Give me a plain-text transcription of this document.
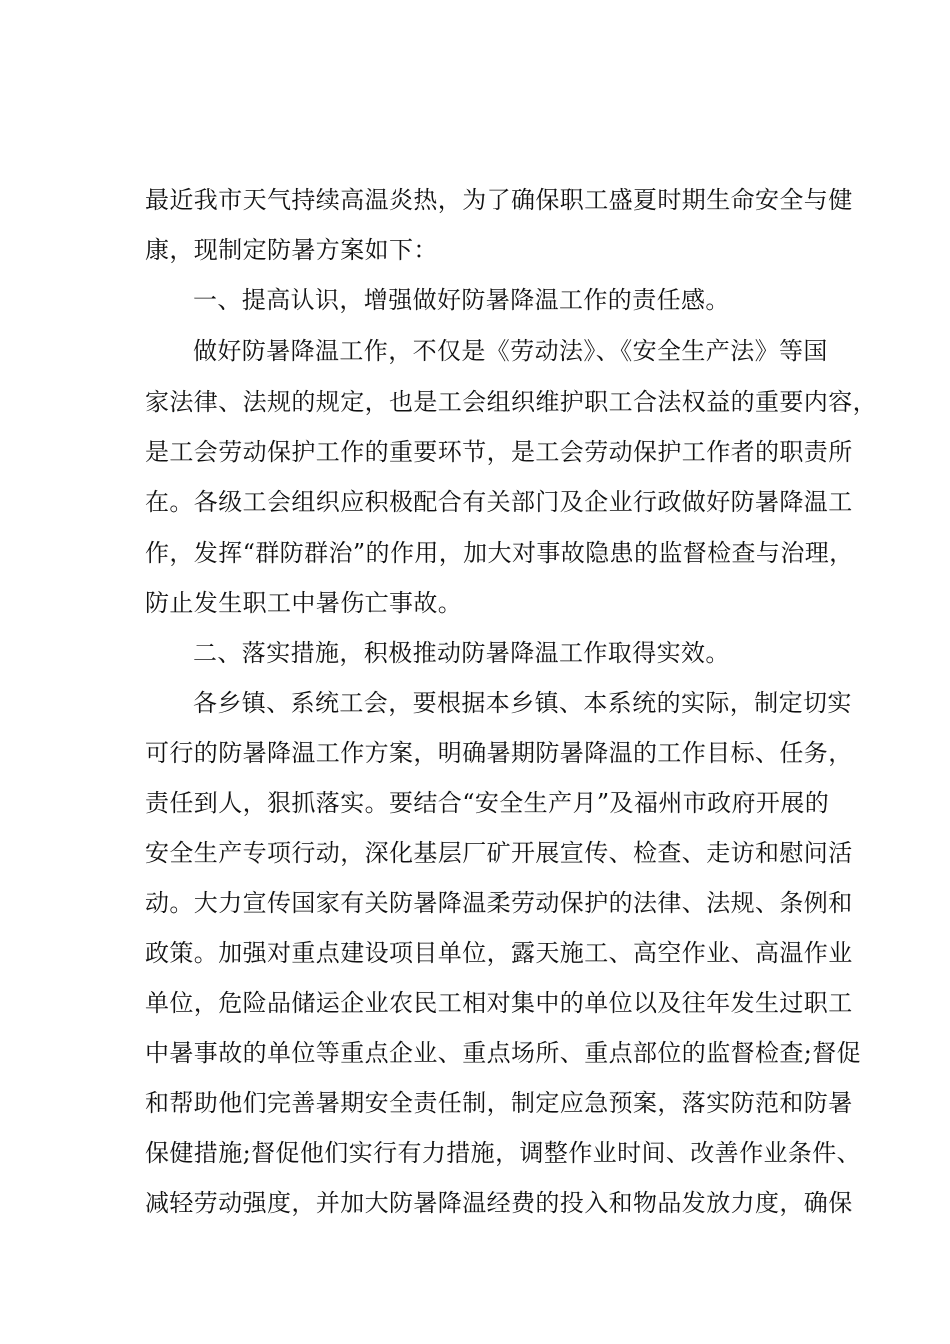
最近我市天气持续高温炎热，为了确保职工盛夏时期生命安全与健
康，现制定防暑方案如下：
一、提高认识，增强做好防暑降温工作的责任感。
做好防暑降温工作，不仅是《劳动法》、《安全生产法》等国
家法律、法规的规定，也是工会组织维护职工合法权益的重要内容，
是工会劳动保护工作的重要环节，是工会劳动保护工作者的职责所
在。各级工会组织应积极配合有关部门及企业行政做好防暑降温工
作，发挥“群防群治”的作用，加大对事故隐患的监督检查与治理，
防止发生职工中暑伤亡事故。
二、落实措施，积极推动防暑降温工作取得实效。
各乡镇、系统工会，要根据本乡镇、本系统的实际，制定切实
可行的防暑降温工作方案，明确暑期防暑降温的工作目标、任务，
责任到人，狠抓落实。要结合“安全生产月”及福州市政府开展的
安全生产专项行动，深化基层厂矿开展宣传、检查、走访和慰问活
动。大力宣传国家有关防暑降温柔劳动保护的法律、法规、条例和
政策。加强对重点建设项目单位，露天施工、高空作业、高温作业
单位，危险品储运企业农民工相对集中的单位以及往年发生过职工
中暑事故的单位等重点企业、重点场所、重点部位的监督检查;督促
和帮助他们完善暑期安全责任制，制定应急预案，落实防范和防暑
保健措施;督促他们实行有力措施，调整作业时间、改善作业条件、
减轻劳动强度，并加大防暑降温经费的投入和物品发放力度，确保
